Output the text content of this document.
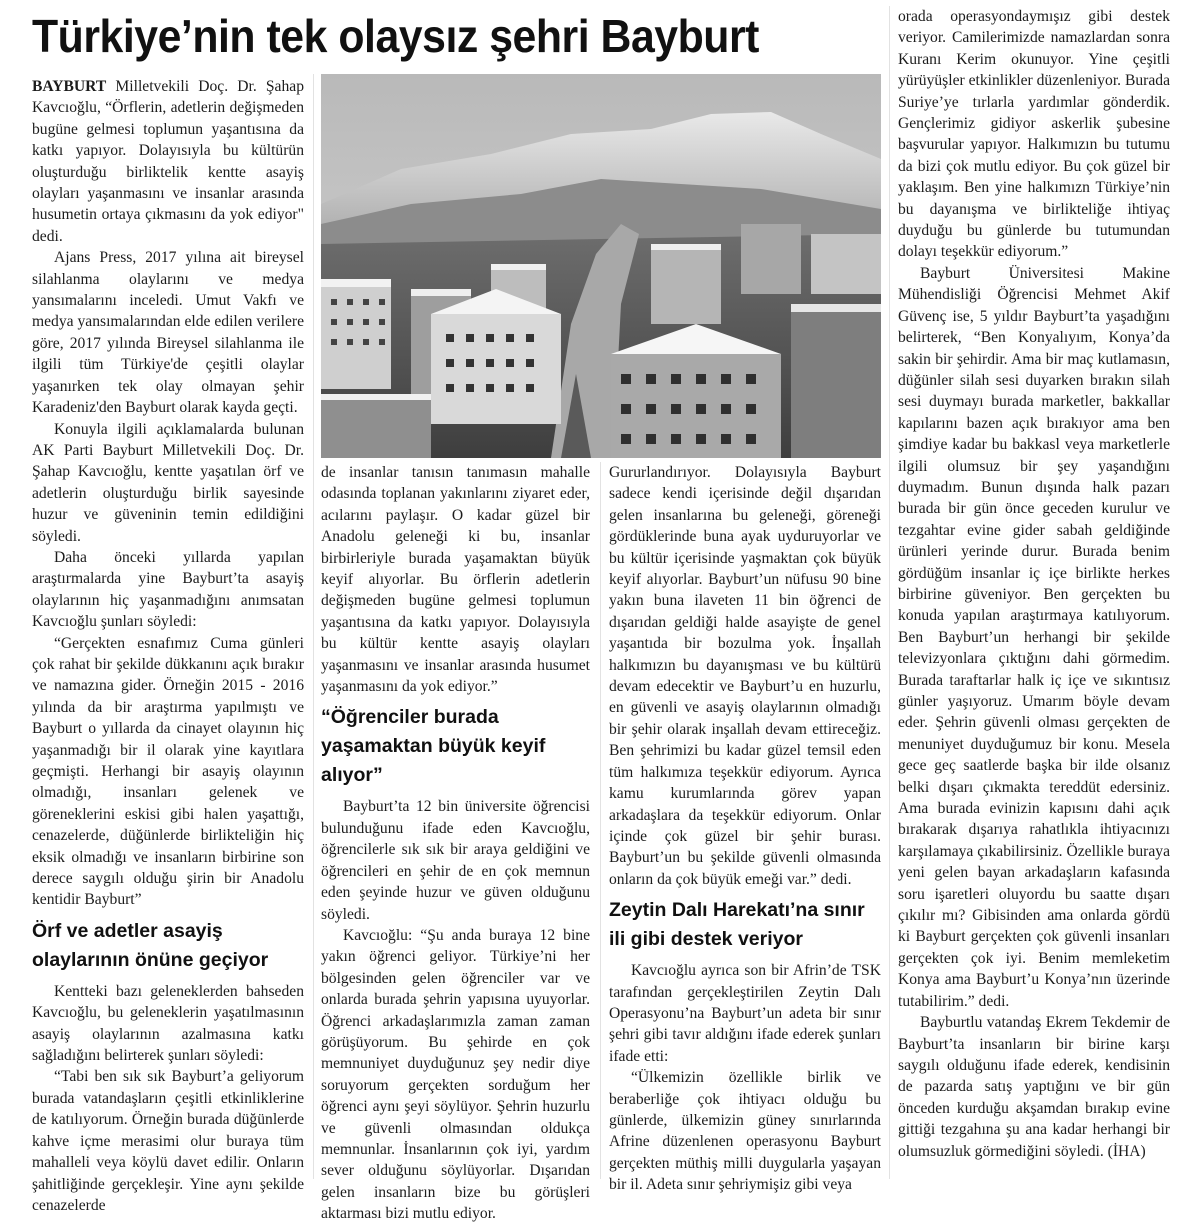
Türkiye’nin tek olaysız şehri Bayburt

BAYBURT Milletvekili Doç. Dr. Şahap Kavcıoğlu, “Örflerin, adetlerin değişmeden bugüne gelmesi toplumun yaşantısına da katkı yapıyor. Dolayısıyla bu kültürün oluşturduğu birliktelik kentte asayiş olayları yaşanmasını ve insanlar arasında husumetin ortaya çıkmasını da yok ediyor" dedi.

Ajans Press, 2017 yılına ait bireysel silahlanma olaylarını ve medya yansımalarını inceledi. Umut Vakfı ve medya yansımalarından elde edilen verilere göre, 2017 yılında Bireysel silahlanma ile ilgili tüm Türkiye'de çeşitli olaylar yaşanırken tek olay olmayan şehir Karadeniz'den Bayburt olarak kayda geçti.

Konuyla ilgili açıklamalarda bulunan AK Parti Bayburt Milletvekili Doç. Dr. Şahap Kavcıoğlu, kentte yaşatılan örf ve adetlerin oluşturduğu birlik sayesinde huzur ve güveninin temin edildiğini söyledi.

Daha önceki yıllarda yapılan araştırmalarda yine Bayburt’ta asayiş olaylarının hiç yaşanmadığını anımsatan Kavcıoğlu şunları söyledi:

“Gerçekten esnafımız Cuma günleri çok rahat bir şekilde dükkanını açık bırakır ve namazına gider. Örneğin 2015 - 2016 yılında da bir araştırma yapılmıştı ve Bayburt o yıllarda da cinayet olayının hiç yaşanmadığı bir il olarak yine kayıtlara geçmişti. Herhangi bir asayiş olayının olmadığı, insanları gelenek ve göreneklerini eskisi gibi halen yaşattığı, cenazelerde, düğünlerde birlikteliğin hiç eksik olmadığı ve insanların birbirine son derece saygılı olduğu şirin bir Anadolu kentidir Bayburt”

Örf ve adetler asayiş olaylarının önüne geçiyor

Kentteki bazı geleneklerden bahseden Kavcıoğlu, bu geleneklerin yaşatılmasının asayiş olaylarının azalmasına katkı sağladığını belirterek şunları söyledi:

“Tabi ben sık sık Bayburt’a geliyorum burada vatandaşların çeşitli etkinliklerine de katılıyorum. Örneğin burada düğünlerde kahve içme merasimi olur buraya tüm mahalleli veya köylü davet edilir. Onların şahitliğinde gerçekleşir. Yine aynı şekilde cenazelerde

de insanlar tanısın tanımasın mahalle odasında toplanan yakınlarını ziyaret eder, acılarını paylaşır. O kadar güzel bir Anadolu geleneği ki bu, insanlar birbirleriyle burada yaşamaktan büyük keyif alıyorlar. Bu örflerin adetlerin değişmeden bugüne gelmesi toplumun yaşantısına da katkı yapıyor. Dolayısıyla bu kültür kentte asayiş olayları yaşanmasını ve insanlar arasında husumet yaşanmasını da yok ediyor.”

“Öğrenciler burada yaşamaktan büyük keyif alıyor”

Bayburt’ta 12 bin üniversite öğrencisi bulunduğunu ifade eden Kavcıoğlu, öğrencilerle sık sık bir araya geldiğini ve öğrencileri en şehir de en çok memnun eden şeyinde huzur ve güven olduğunu söyledi.

Kavcıoğlu: “Şu anda buraya 12 bine yakın öğrenci geliyor. Türkiye’ni her bölgesinden gelen öğrenciler var ve onlarda burada şehrin yapısına uyuyorlar. Öğrenci arkadaşlarımızla zaman zaman görüşüyorum. Bu şehirde en çok memnuniyet duyduğunuz şey nedir diye soruyorum gerçekten sorduğum her öğrenci aynı şeyi söylüyor. Şehrin huzurlu ve güvenli olmasından oldukça memnunlar. İnsanlarının çok iyi, yardım sever olduğunu söylüyorlar. Dışarıdan gelen insanların bize bu görüşleri aktarması bizi mutlu ediyor.

Gururlandırıyor. Dolayısıyla Bayburt sadece kendi içerisinde değil dışarıdan gelen insanlarına bu geleneği, göreneği gördüklerinde buna ayak uyduruyorlar ve bu kültür içerisinde yaşmaktan çok büyük keyif alıyorlar. Bayburt’un nüfusu 90 bine yakın buna ilaveten 11 bin öğrenci de dışarıdan geldiği halde asayişte de genel yaşantıda bir bozulma yok. İnşallah halkımızın bu dayanışması ve bu kültürü devam edecektir ve Bayburt’u en huzurlu, en güvenli ve asayiş olaylarının olmadığı bir şehir olarak inşallah devam ettireceğiz. Ben şehrimizi bu kadar güzel temsil eden tüm halkımıza teşekkür ediyorum. Ayrıca kamu kurumlarında görev yapan arkadaşlara da teşekkür ediyorum. Onlar içinde çok güzel bir şehir burası. Bayburt’un bu şekilde güvenli olmasında onların da çok büyük emeği var.” dedi.

Zeytin Dalı Harekatı’na sınır ili gibi destek veriyor

Kavcıoğlu ayrıca son bir Afrin’de TSK tarafından gerçekleştirilen Zeytin Dalı Operasyonu’na Bayburt’un adeta bir sınır şehri gibi tavır aldığını ifade ederek şunları ifade etti:

“Ülkemizin özellikle birlik ve beraberliğe çok ihtiyacı olduğu bu günlerde, ülkemizin güney sınırlarında Afrine düzenlenen operasyonu Bayburt gerçekten müthiş milli duygularla yaşayan bir il. Adeta sınır şehriymişiz gibi veya

orada operasyondaymışız gibi destek veriyor. Camilerimizde namazlardan sonra Kuranı Kerim okunuyor. Yine çeşitli yürüyüşler etkinlikler düzenleniyor. Burada Suriye’ye tırlarla yardımlar gönderdik. Gençlerimiz gidiyor askerlik şubesine başvurular yapıyor. Halkımızın bu tutumu da bizi çok mutlu ediyor. Bu çok güzel bir yaklaşım. Ben yine halkımızn Türkiye’nin bu dayanışma ve birlikteliğe ihtiyaç duyduğu bu günlerde bu tutumundan dolayı teşekkür ediyorum.”

Bayburt Üniversitesi Makine Mühendisliği Öğrencisi Mehmet Akif Güvenç ise, 5 yıldır Bayburt’ta yaşadığını belirterek, “Ben Konyalıyım, Konya’da sakin bir şehirdir. Ama bir maç kutlamasın, düğünler silah sesi duyarken bırakın silah sesi duymayı burada marketler, bakkallar kapılarını bazen açık bırakıyor ama ben şimdiye kadar bu bakkasl veya marketlerle ilgili olumsuz bir şey yaşandığını duymadım. Bunun dışında halk pazarı burada bir gün önce geceden kurulur ve tezgahtar evine gider sabah geldiğinde ürünleri yerinde durur. Burada benim gördüğüm insanlar iç içe birlikte herkes birbirine güveniyor. Ben gerçekten bu konuda yapılan araştırmaya katılıyorum. Ben Bayburt’un herhangi bir şekilde televizyonlara çıktığını dahi görmedim. Burada taraftarlar halk iç içe ve sıkıntısız günler yaşıyoruz. Umarım böyle devam eder. Şehrin güvenli olması gerçekten de menuniyet duyduğumuz bir konu. Mesela gece geç saatlerde başka bir ilde olsanız belki dışarı çıkmakta tereddüt edersiniz. Ama burada evinizin kapısını dahi açık bırakarak dışarıya rahatlıkla ihtiyacınızı karşılamaya çıkabilirsiniz. Özellikle buraya yeni gelen bayan arkadaşların kafasında soru işaretleri oluyordu bu saatte dışarı çıkılır mı? Gibisinden ama onlarda gördü ki Bayburt gerçekten çok güvenli insanları gerçekten çok iyi. Benim memleketim Konya ama Bayburt’u Konya’nın üzerinde tutabilirim.” dedi.

Bayburtlu vatandaş Ekrem Tekdemir de Bayburt’ta insanların bir birine karşı saygılı olduğunu ifade ederek, kendisinin de pazarda satış yaptığını ve bir gün önceden kurduğu akşamdan bırakıp evine gittiği tezgahına şu ana kadar herhangi bir olumsuzluk görmediğini söyledi. (İHA)
